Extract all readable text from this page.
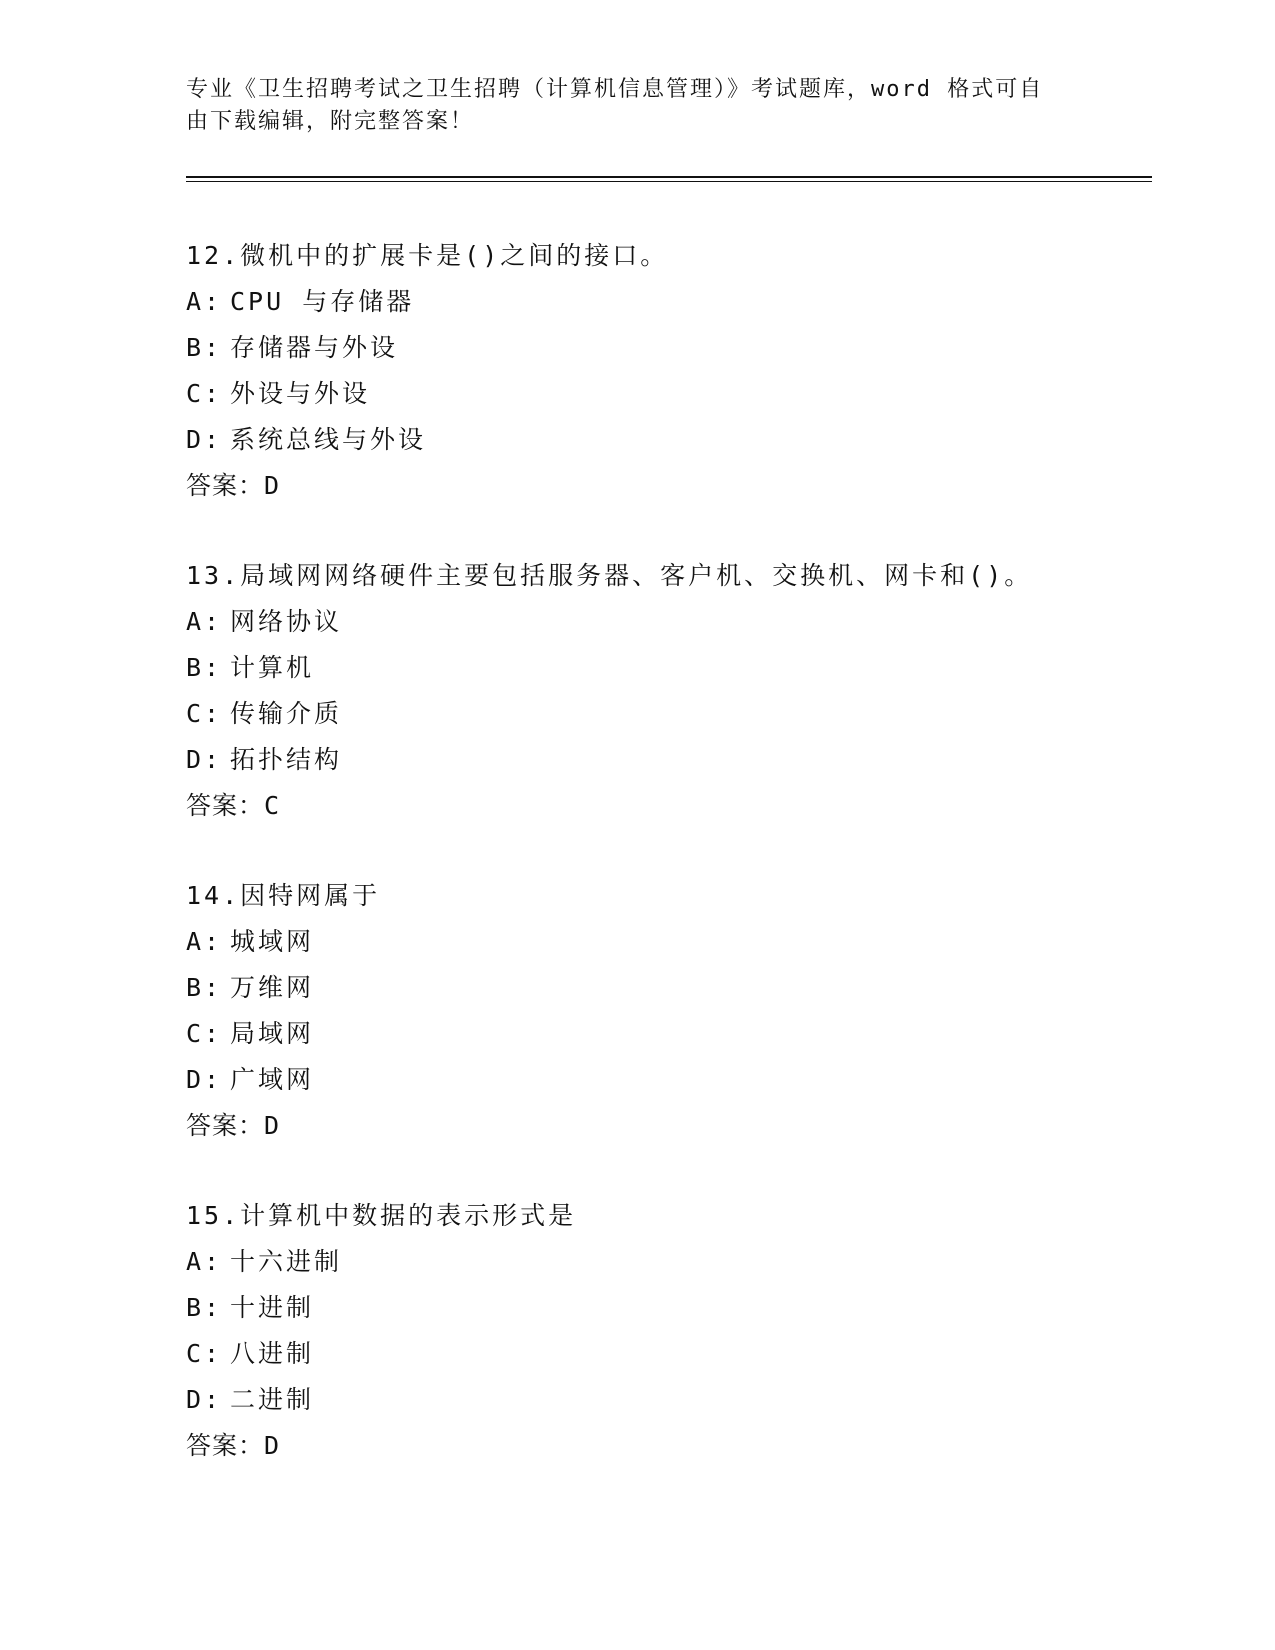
专业《卫生招聘考试之卫生招聘（计算机信息管理）》考试题库，word 格式可自
由下载编辑，附完整答案！
12.微机中的扩展卡是()之间的接口。
A: CPU 与存储器
B: 存储器与外设
C: 外设与外设
D: 系统总线与外设
答案：D
13.局域网网络硬件主要包括服务器、客户机、交换机、网卡和()。
A: 网络协议
B: 计算机
C: 传输介质
D: 拓扑结构
答案：C
14.因特网属于
A: 城域网
B: 万维网
C: 局域网
D: 广域网
答案：D
15.计算机中数据的表示形式是
A: 十六进制
B: 十进制
C: 八进制
D: 二进制
答案：D
